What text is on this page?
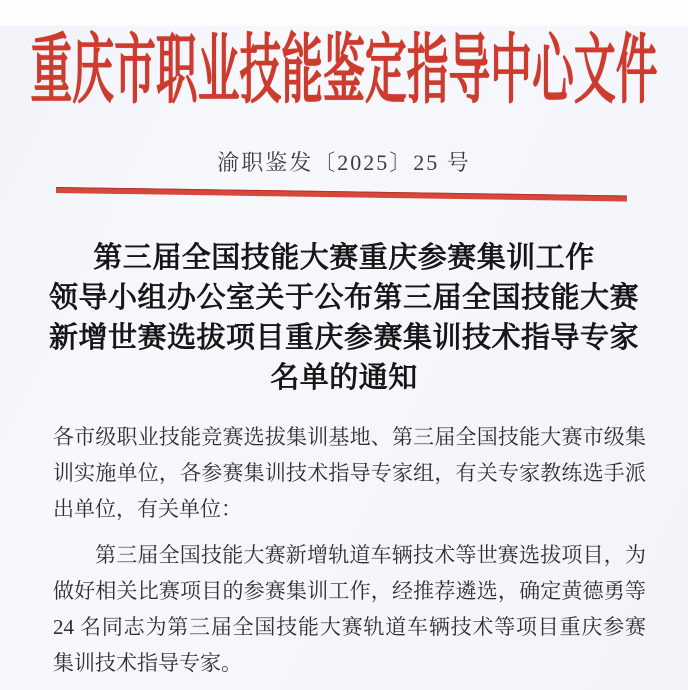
重庆市职业技能鉴定指导中心文件
渝职鉴发〔2025〕25 号
第三届全国技能大赛重庆参赛集训工作
领导小组办公室关于公布第三届全国技能大赛
新增世赛选拔项目重庆参赛集训技术指导专家
名单的通知
各市级职业技能竞赛选拔集训基地、第三届全国技能大赛市级集
训实施单位，各参赛集训技术指导专家组，有关专家教练选手派
出单位，有关单位：
第三届全国技能大赛新增轨道车辆技术等世赛选拔项目，为
做好相关比赛项目的参赛集训工作，经推荐遴选，确定黄德勇等
24 名同志为第三届全国技能大赛轨道车辆技术等项目重庆参赛
集训技术指导专家。
